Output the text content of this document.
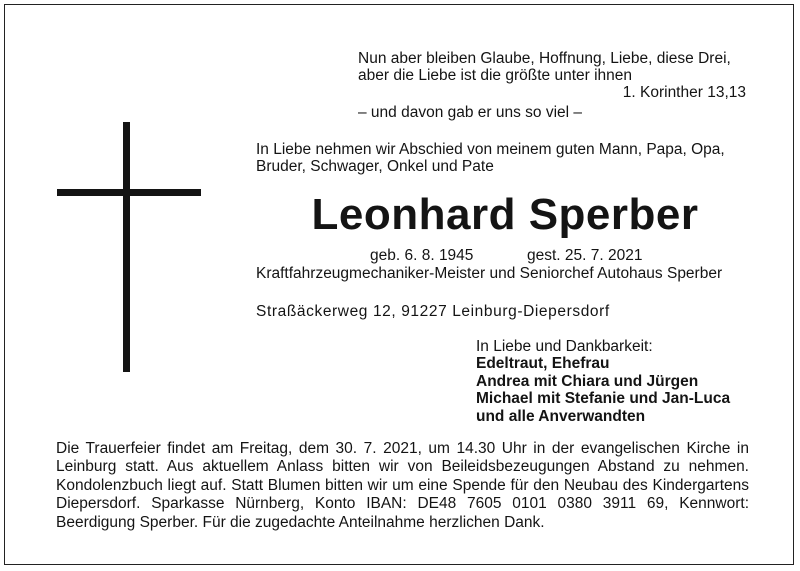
Nun aber bleiben Glaube, Hoffnung, Liebe, diese Drei,
aber die Liebe ist die größte unter ihnen
1. Korinther 13,13
– und davon gab er uns so viel –
In Liebe nehmen wir Abschied von meinem guten Mann, Papa, Opa,
Bruder, Schwager, Onkel und Pate
Leonhard Sperber
geb. 6. 8. 1945	gest. 25. 7. 2021
Kraftfahrzeugmechaniker-Meister und Seniorchef Autohaus Sperber
Straßäckerweg 12, 91227 Leinburg-Diepersdorf
In Liebe und Dankbarkeit:
Edeltraut, Ehefrau
Andrea mit Chiara und Jürgen
Michael mit Stefanie und Jan-Luca
und alle Anverwandten
Die Trauerfeier findet am Freitag, dem 30. 7. 2021, um 14.30 Uhr in der evangelischen Kirche in Leinburg statt. Aus aktuellem Anlass bitten wir von Beileidsbezeugungen Abstand zu nehmen. Kondolenzbuch liegt auf. Statt Blumen bitten wir um eine Spende für den Neubau des Kindergartens Diepersdorf. Sparkasse Nürnberg, Konto IBAN: DE48 7605 0101 0380 3911 69, Kennwort: Beerdigung Sperber. Für die zugedachte Anteilnahme herzlichen Dank.
